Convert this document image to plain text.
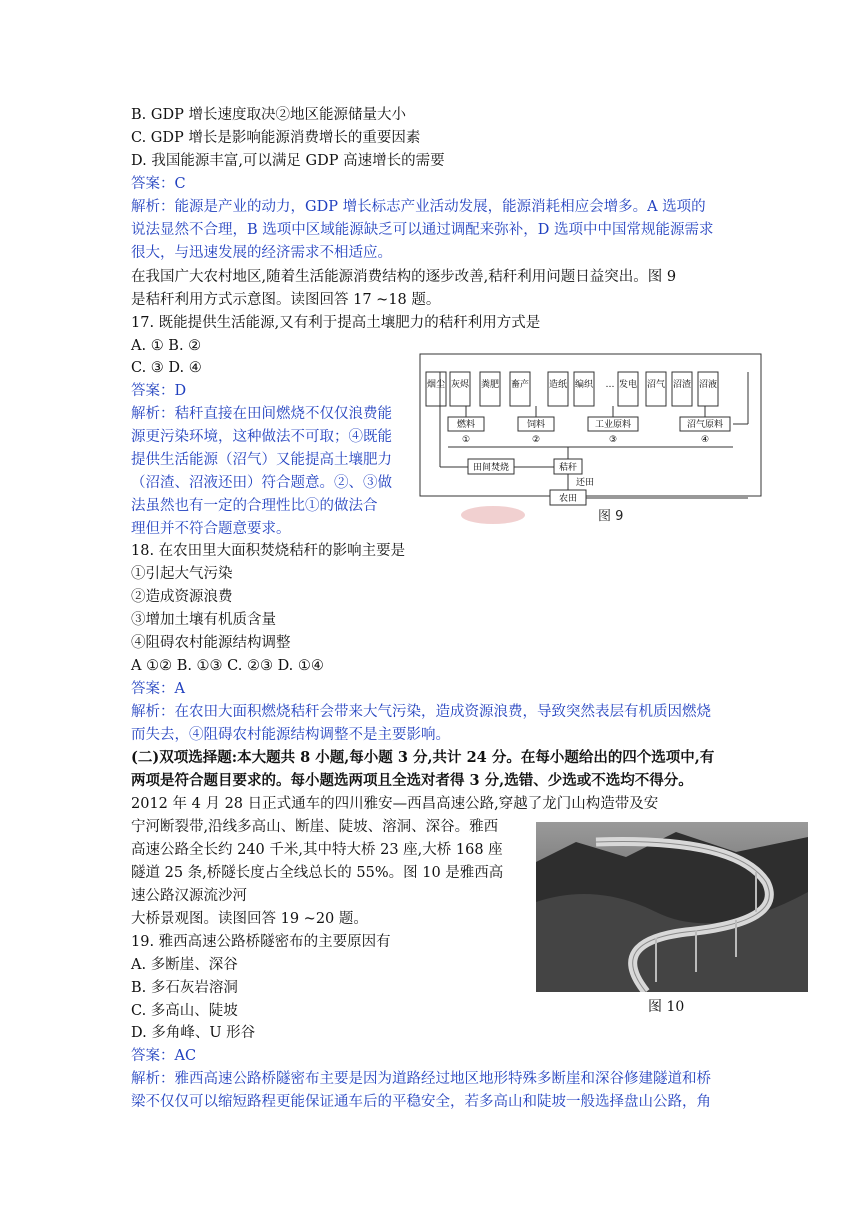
B. GDP 增长速度取决②地区能源储量大小
C. GDP 增长是影响能源消费增长的重要因素
D. 我国能源丰富,可以满足 GDP 高速增长的需要
答案：C
解析：能源是产业的动力，GDP 增长标志产业活动发展，能源消耗相应会增多。A 选项的
说法显然不合理，B 选项中区域能源缺乏可以通过调配来弥补，D 选项中中国常规能源需求
很大，与迅速发展的经济需求不相适应。
在我国广大农村地区,随着生活能源消费结构的逐步改善,秸秆利用问题日益突出。图 9
是秸秆利用方式示意图。读图回答 17 ~18 题。
17. 既能提供生活能源,又有利于提高土壤肥力的秸秆利用方式是
A. ① B. ②
C. ③ D. ④
答案：D
解析：秸秆直接在田间燃烧不仅仅浪费能
源更污染环境，这种做法不可取；④既能
提供生活能源（沼气）又能提高土壤肥力
（沼渣、沼液还田）符合题意。②、③做
法虽然也有一定的合理性比①的做法合
理但并不符合题意要求。
18. 在农田里大面积焚烧秸秆的影响主要是
①引起大气污染
②造成资源浪费
③增加土壤有机质含量
④阻碍农村能源结构调整
A ①② B. ①③ C. ②③ D. ①④
答案：A
解析：在农田大面积燃烧秸秆会带来大气污染，造成资源浪费，导致突然表层有机质因燃烧
而失去，④阻碍农村能源结构调整不是主要影响。
(二)双项选择题:本大题共 8 小题,每小题 3 分,共计 24 分。在每小题给出的四个选项中,有
两项是符合题目要求的。每小题选两项且全选对者得 3 分,选错、少选或不选均不得分。
2012 年 4 月 28 日正式通车的四川雅安—西昌高速公路,穿越了龙门山构造带及安
宁河断裂带,沿线多高山、断崖、陡坡、溶洞、深谷。雅西
高速公路全长约 240 千米,其中特大桥 23 座,大桥 168 座
隧道 25 条,桥隧长度占全线总长的 55%。图 10 是雅西高
速公路汉源流沙河
大桥景观图。读图回答 19 ~20 题。
19. 雅西高速公路桥隧密布的主要原因有
A. 多断崖、深谷
B. 多石灰岩溶洞
C. 多高山、陡坡
D. 多角峰、U 形谷
答案：AC
解析：雅西高速公路桥隧密布主要是因为道路经过地区地形特殊多断崖和深谷修建隧道和桥
梁不仅仅可以缩短路程更能保证通车后的平稳安全，若多高山和陡坡一般选择盘山公路，角
烟尘 灰烬 粪肥 畜产 造纸 编织 … 发电 沼气 沼渣 沼液
燃料
①
饲料
②
工业原料
③
沼气原料
④
田间焚烧	秸秆
还田
农田
图 9
图 10
